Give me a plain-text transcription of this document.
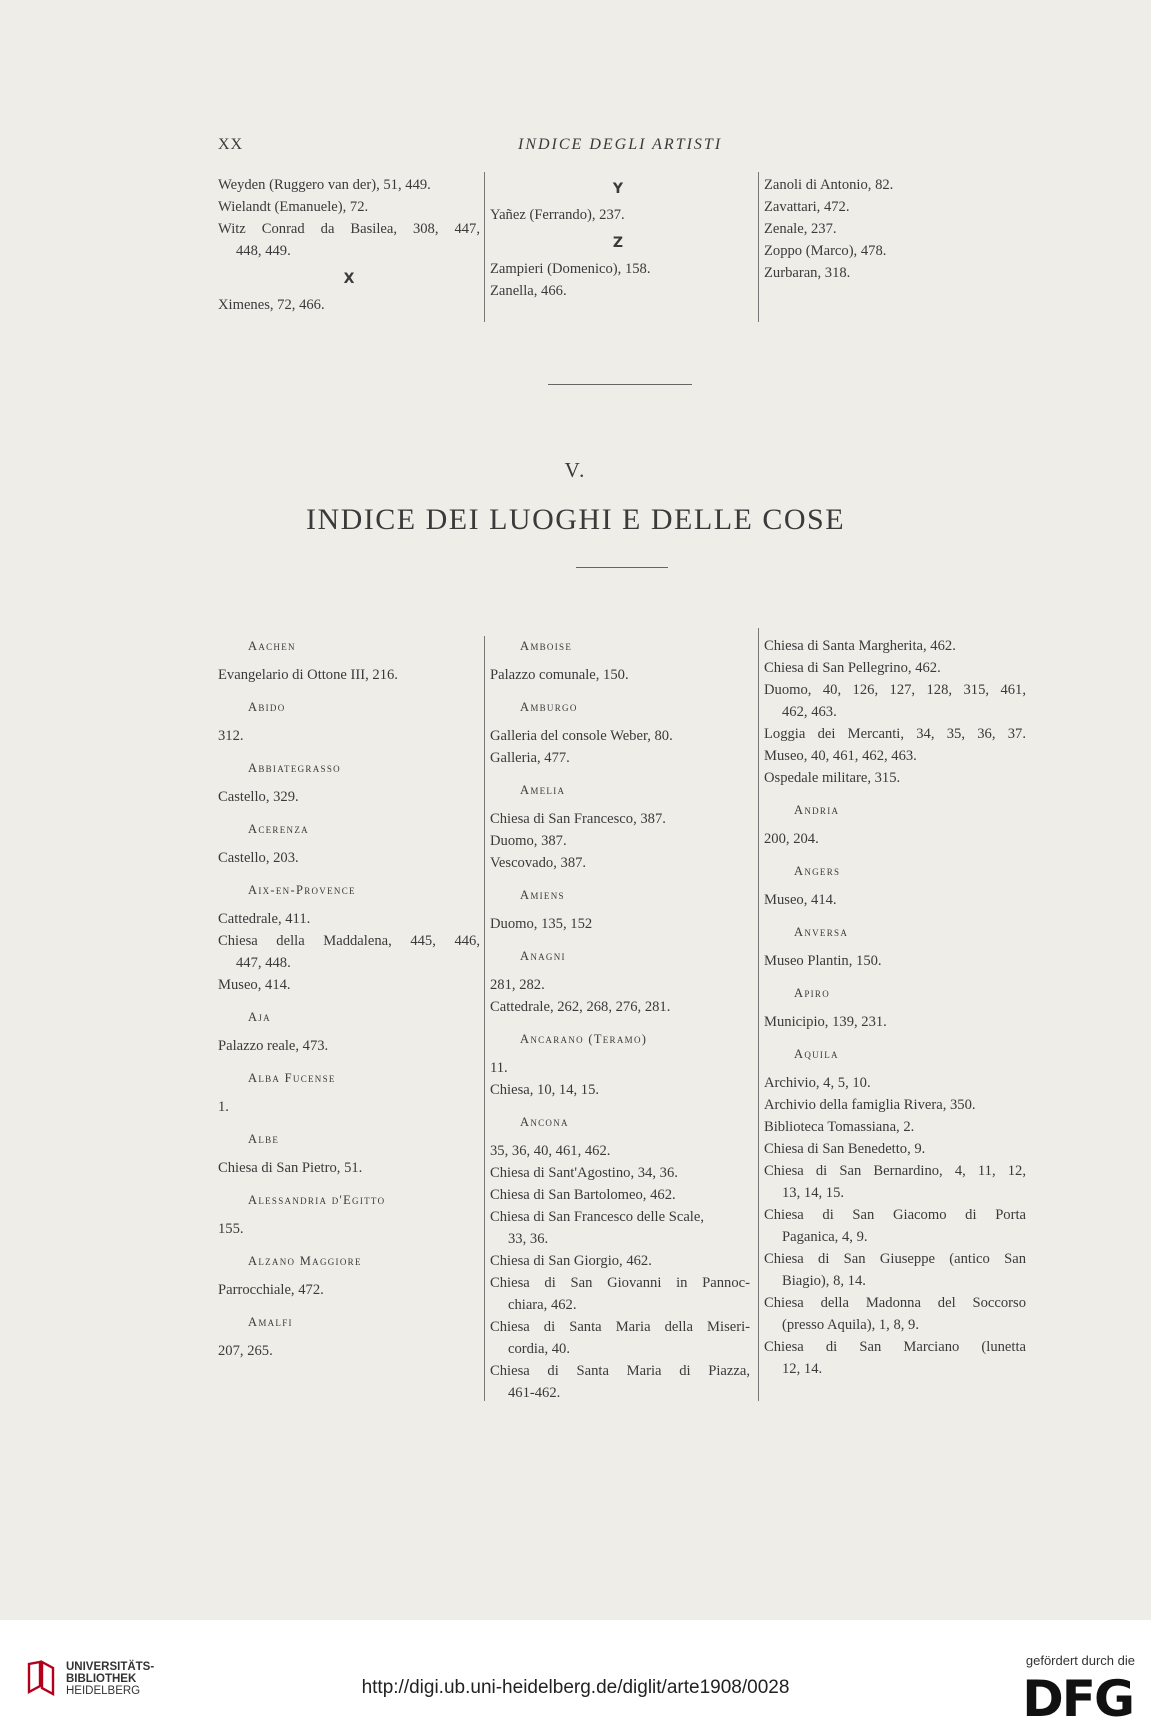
XX	INDICE DEGLI ARTISTI
Weyden (Ruggero van der), 51, 449.
Wielandt (Emanuele), 72.
Witz Conrad da Basilea, 308, 447,
448, 449.
X
Ximenes, 72, 466.
Y
Yañez (Ferrando), 237.
Z
Zampieri (Domenico), 158.
Zanella, 466.
Zanoli di Antonio, 82.
Zavattari, 472.
Zenale, 237.
Zoppo (Marco), 478.
Zurbaran, 318.
V.
INDICE DEI LUOGHI E DELLE COSE
Aachen
Evangelario di Ottone III, 216.
Abido
312.
Abbiategrasso
Castello, 329.
Acerenza
Castello, 203.
Aix-en-Provence
Cattedrale, 411.
Chiesa della Maddalena, 445, 446,
447, 448.
Museo, 414.
Aja
Palazzo reale, 473.
Alba Fucense
1.
Albe
Chiesa di San Pietro, 51.
Alessandria d'Egitto
155.
Alzano Maggiore
Parrocchiale, 472.
Amalfi
207, 265.
Amboise
Palazzo comunale, 150.
Amburgo
Galleria del console Weber, 80.
Galleria, 477.
Amelia
Chiesa di San Francesco, 387.
Duomo, 387.
Vescovado, 387.
Amiens
Duomo, 135, 152
Anagni
281, 282.
Cattedrale, 262, 268, 276, 281.
Ancarano (Teramo)
11.
Chiesa, 10, 14, 15.
Ancona
35, 36, 40, 461, 462.
Chiesa di Sant'Agostino, 34, 36.
Chiesa di San Bartolomeo, 462.
Chiesa di San Francesco delle Scale,
33, 36.
Chiesa di San Giorgio, 462.
Chiesa di San Giovanni in Pannoc-
chiara, 462.
Chiesa di Santa Maria della Miseri-
cordia, 40.
Chiesa di Santa Maria di Piazza,
461-462.
Chiesa di Santa Margherita, 462.
Chiesa di San Pellegrino, 462.
Duomo, 40, 126, 127, 128, 315, 461,
462, 463.
Loggia dei Mercanti, 34, 35, 36, 37.
Museo, 40, 461, 462, 463.
Ospedale militare, 315.
Andria
200, 204.
Angers
Museo, 414.
Anversa
Museo Plantin, 150.
Apiro
Municipio, 139, 231.
Aquila
Archivio, 4, 5, 10.
Archivio della famiglia Rivera, 350.
Biblioteca Tomassiana, 2.
Chiesa di San Benedetto, 9.
Chiesa di San Bernardino, 4, 11, 12,
13, 14, 15.
Chiesa di San Giacomo di Porta
Paganica, 4, 9.
Chiesa di San Giuseppe (antico San
Biagio), 8, 14.
Chiesa della Madonna del Soccorso
(presso Aquila), 1, 8, 9.
Chiesa di San Marciano (lunetta
12, 14.
UNIVERSITÄTS-
BIBLIOTHEK
HEIDELBERG	http://digi.ub.uni-heidelberg.de/diglit/arte1908/0028
gefördert durch die
DFG
